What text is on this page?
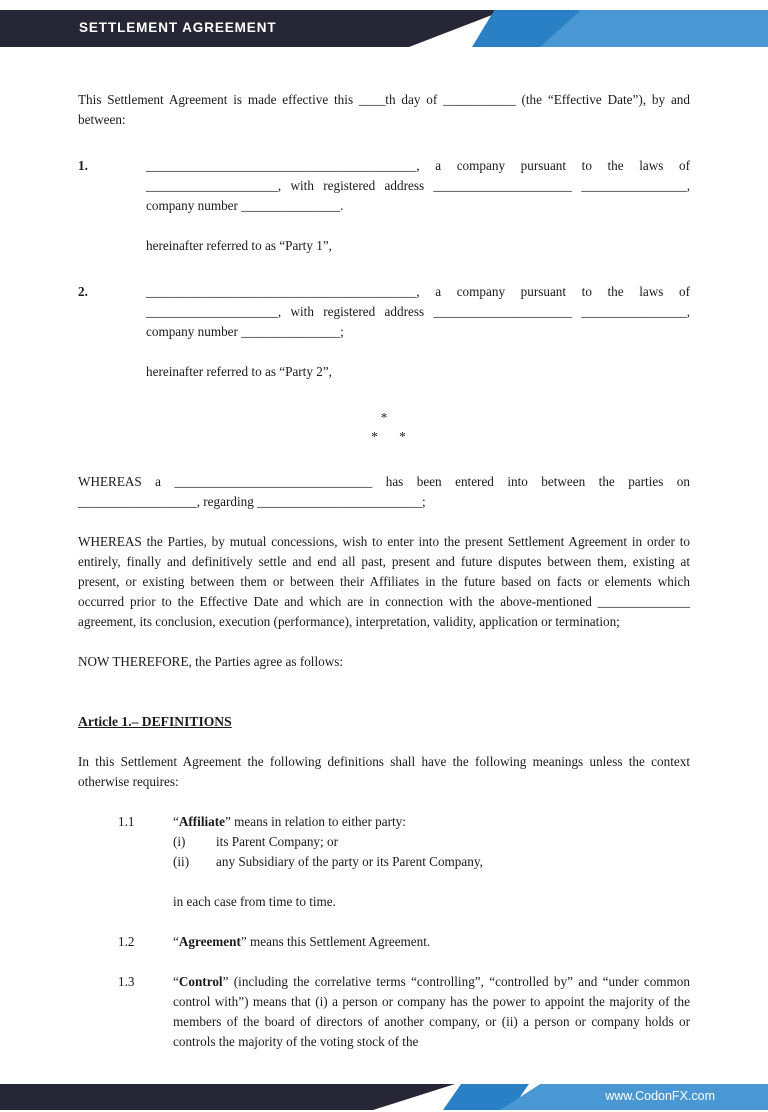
SETTLEMENT AGREEMENT

This Settlement Agreement is made effective this ____th day of ___________ (the “Effective Date”), by and between:

1.	_________________________________________, a company pursuant to the laws of ____________________, with registered address _____________________ ________________, company number _______________.
hereinafter referred to as “Party 1”,
2.	_________________________________________, a company pursuant to the laws of ____________________, with registered address _____________________ ________________, company number _______________;
hereinafter referred to as “Party 2”,
*
* *

WHEREAS a ______________________________ has been entered into between the parties on __________________, regarding _________________________;

WHEREAS the Parties, by mutual concessions, wish to enter into the present Settlement Agreement in order to entirely, finally and definitively settle and end all past, present and future disputes between them, existing at present, or existing between them or between their Affiliates in the future based on facts or elements which occurred prior to the Effective Date and which are in connection with the above-mentioned ______________ agreement, its conclusion, execution (performance), interpretation, validity, application or termination;

NOW THEREFORE, the Parties agree as follows:

Article 1.– DEFINITIONS

In this Settlement Agreement the following definitions shall have the following meanings unless the context otherwise requires:

1.1	“Affiliate” means in relation to either party:
(i)	its Parent Company; or
(ii)	any Subsidiary of the party or its Parent Company,
in each case from time to time.
1.2	“Agreement” means this Settlement Agreement.
1.3	“Control” (including the correlative terms “controlling”, “controlled by” and “under common control with”) means that (i) a person or company has the power to appoint the majority of the members of the board of directors of another company, or (ii) a person or company holds or controls the majority of the voting stock of the
www.CodonFX.com
